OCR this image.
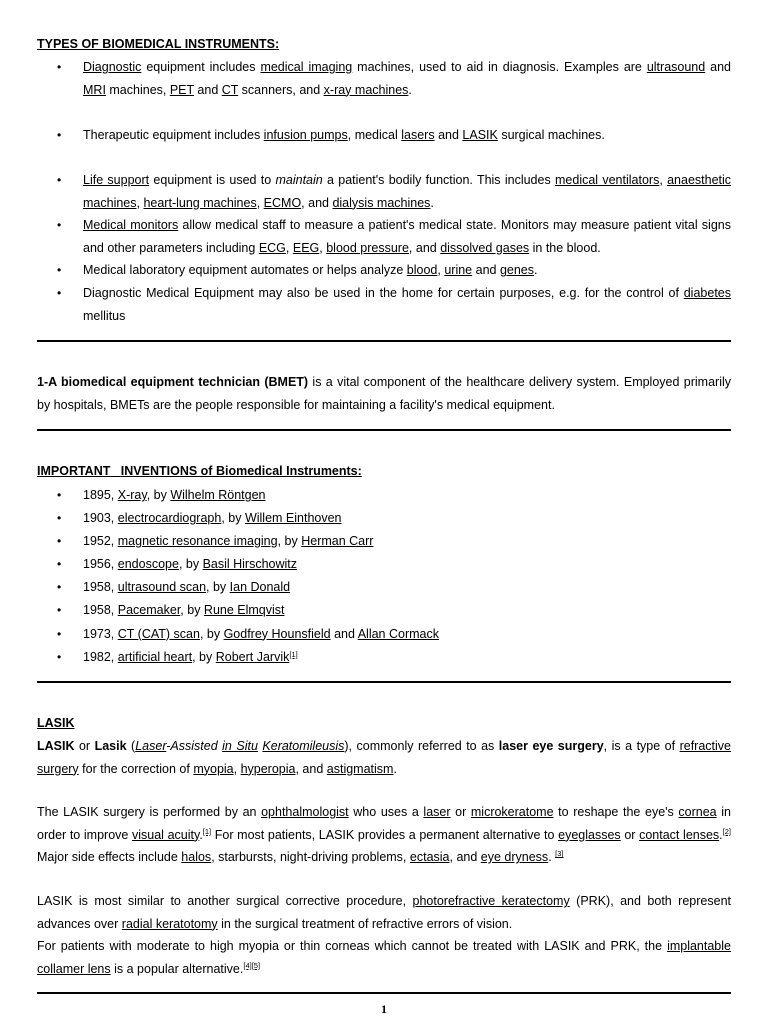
TYPES OF BIOMEDICAL INSTRUMENTS:
• Diagnostic equipment includes medical imaging machines, used to aid in diagnosis. Examples are ultrasound and MRI machines, PET and CT scanners, and x-ray machines.
• Therapeutic equipment includes infusion pumps, medical lasers and LASIK surgical machines.
• Life support equipment is used to maintain a patient's bodily function. This includes medical ventilators, anaesthetic machines, heart-lung machines, ECMO, and dialysis machines.
• Medical monitors allow medical staff to measure a patient's medical state. Monitors may measure patient vital signs and other parameters including ECG, EEG, blood pressure, and dissolved gases in the blood.
• Medical laboratory equipment automates or helps analyze blood, urine and genes.
• Diagnostic Medical Equipment may also be used in the home for certain purposes, e.g. for the control of diabetes mellitus
1-A biomedical equipment technician (BMET) is a vital component of the healthcare delivery system. Employed primarily by hospitals, BMETs are the people responsible for maintaining a facility's medical equipment.
IMPORTANT INVENTIONS of Biomedical Instruments:
• 1895, X-ray, by Wilhelm Röntgen
• 1903, electrocardiograph, by Willem Einthoven
• 1952, magnetic resonance imaging, by Herman Carr
• 1956, endoscope, by Basil Hirschowitz
• 1958, ultrasound scan, by Ian Donald
• 1958, Pacemaker, by Rune Elmqvist
• 1973, CT (CAT) scan, by Godfrey Hounsfield and Allan Cormack
• 1982, artificial heart, by Robert Jarvik[1]
LASIK
LASIK or Lasik (Laser-Assisted in Situ Keratomileusis), commonly referred to as laser eye surgery, is a type of refractive surgery for the correction of myopia, hyperopia, and astigmatism.
The LASIK surgery is performed by an ophthalmologist who uses a laser or microkeratome to reshape the eye's cornea in order to improve visual acuity.[1] For most patients, LASIK provides a permanent alternative to eyeglasses or contact lenses.[2] Major side effects include halos, starbursts, night-driving problems, ectasia, and eye dryness. [3]
LASIK is most similar to another surgical corrective procedure, photorefractive keratectomy (PRK), and both represent advances over radial keratotomy in the surgical treatment of refractive errors of vision.
For patients with moderate to high myopia or thin corneas which cannot be treated with LASIK and PRK, the implantable collamer lens is a popular alternative.[4][5]
1
